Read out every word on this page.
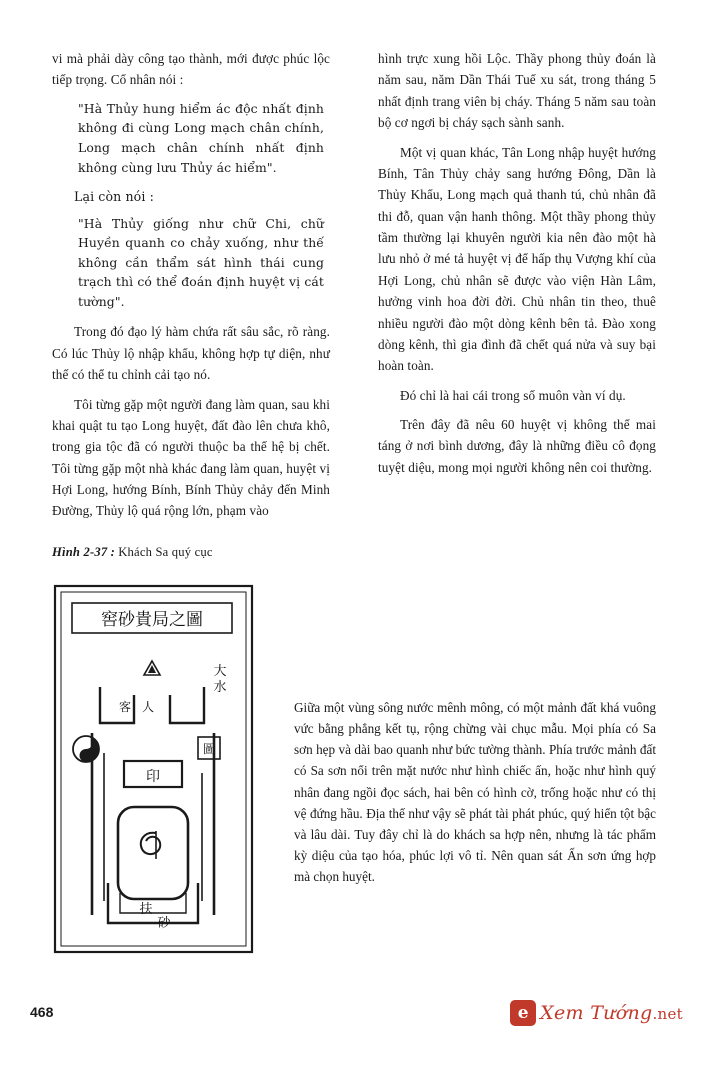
vi mà phải dày công tạo thành, mới được phúc lộc tiếp trọng. Cổ nhân nói :

"Hà Thủy hung hiểm ác độc nhất định không đi cùng Long mạch chân chính, Long mạch chân chính nhất định không cùng lưu Thủy ác hiểm".
Lại còn nói :
"Hà Thủy giống như chữ Chi, chữ Huyền quanh co chảy xuống, như thế không cần thẩm sát hình thái cung trạch thì có thể đoán định huyệt vị cát tường".

Trong đó đạo lý hàm chứa rất sâu sắc, rõ ràng. Có lúc Thủy lộ nhập khẩu, không hợp tự diện, như thế có thể tu chỉnh cải tạo nó.

Tôi từng gặp một người đang làm quan, sau khi khai quật tu tạo Long huyệt, đất đào lên chưa khô, trong gia tộc đã có người thuộc ba thế hệ bị chết. Tôi từng gặp một nhà khác đang làm quan, huyệt vị Hợi Long, hướng Bính, Bính Thủy chảy đến Minh Đường, Thủy lộ quá rộng lớn, phạm vào

hình trực xung hồi Lộc. Thầy phong thủy đoán là năm sau, năm Dần Thái Tuế xu sát, trong tháng 5 nhất định trang viên bị cháy. Tháng 5 năm sau toàn bộ cơ ngơi bị cháy sạch sành sanh.

Một vị quan khác, Tân Long nhập huyệt hướng Bính, Tân Thủy chảy sang hướng Đông, Dần là Thủy Khẩu, Long mạch quả thanh tú, chủ nhân đã thi đỗ, quan vận hanh thông. Một thầy phong thủy tầm thường lại khuyên người kia nên đào một hà lưu nhỏ ở mé tả huyệt vị để hấp thụ Vượng khí của Hợi Long, chủ nhân sẽ được vào viện Hàn Lâm, hưởng vinh hoa đời đời. Chủ nhân tin theo, thuê nhiều người đào một dòng kênh bên tả. Đào xong dòng kênh, thì gia đình đã chết quá nửa và suy bại hoàn toàn.

Đó chỉ là hai cái trong số muôn vàn ví dụ.

Trên đây đã nêu 60 huyệt vị không thể mai táng ở nơi bình dương, đây là những điều cô đọng tuyệt diệu, mong mọi người không nên coi thường.

Hình 2-37 : Khách Sa quý cục
窖砂貴局之圖
大
水
客 人
圖
印
扶
砂
Giữa một vùng sông nước mênh mông, có một mảnh đất khá vuông vức bằng phẳng kết tụ, rộng chừng vài chục mẫu. Mọi phía có Sa sơn hẹp và dài bao quanh như bức tường thành. Phía trước mảnh đất có Sa sơn nổi trên mặt nước như hình chiếc ấn, hoặc như hình quý nhân đang ngồi đọc sách, hai bên có hình cờ, trống hoặc như có thị vệ đứng hầu. Địa thế như vậy sẽ phát tài phát phúc, quý hiển tột bậc và lâu dài. Tuy đây chỉ là do khách sa hợp nên, nhưng là tác phẩm kỳ diệu của tạo hóa, phúc lợi vô tỉ. Nên quan sát Ấn sơn ứng hợp mà chọn huyệt.
468	e Xem Tướng.net
